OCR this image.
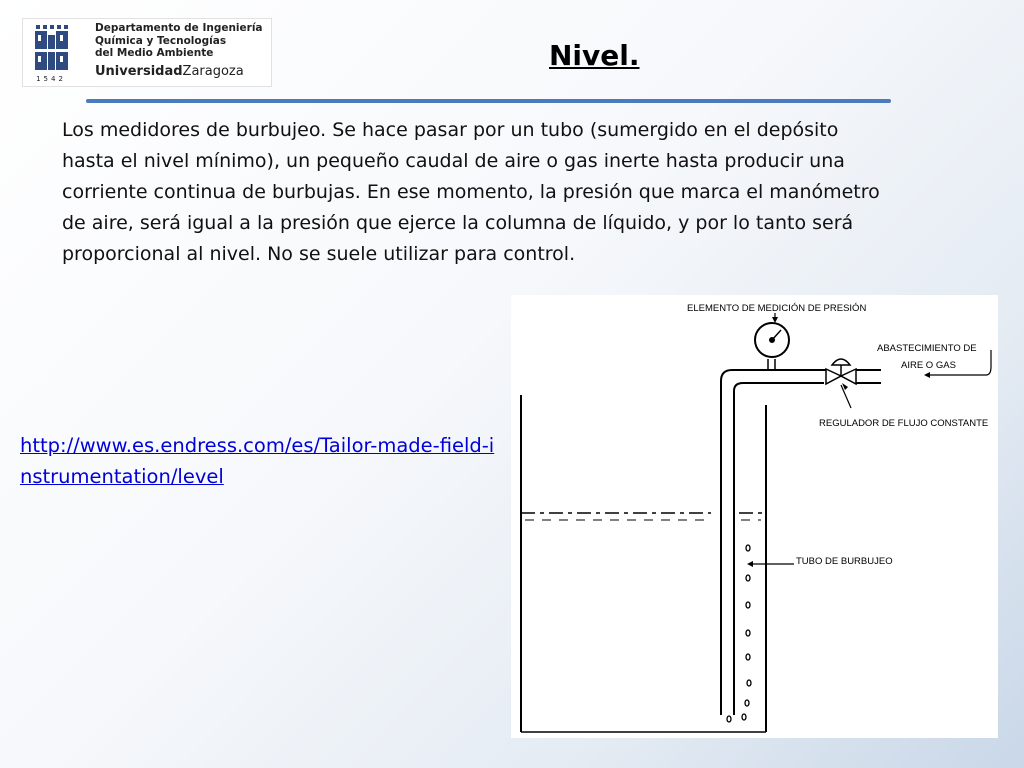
1542
Departamento de Ingeniería
Química y Tecnologías
del Medio Ambiente
UniversidadZaragoza	Nivel.

Los medidores de burbujeo. Se hace pasar por un tubo (sumergido en el depósito hasta el nivel mínimo), un pequeño caudal de aire o gas inerte hasta producir una corriente continua de burbujas. En ese momento, la presión que marca el manómetro de aire, será igual a la presión que ejerce la columna de líquido, y por lo tanto será proporcional al nivel. No se suele utilizar para control.

http://www.es.endress.com/es/Tailor-made-field-instrumentation/level
ELEMENTO DE MEDICIÓN DE PRESIÓN
ABASTECIMIENTO DE
AIRE O GAS
REGULADOR DE FLUJO CONSTANTE
TUBO DE BURBUJEO
